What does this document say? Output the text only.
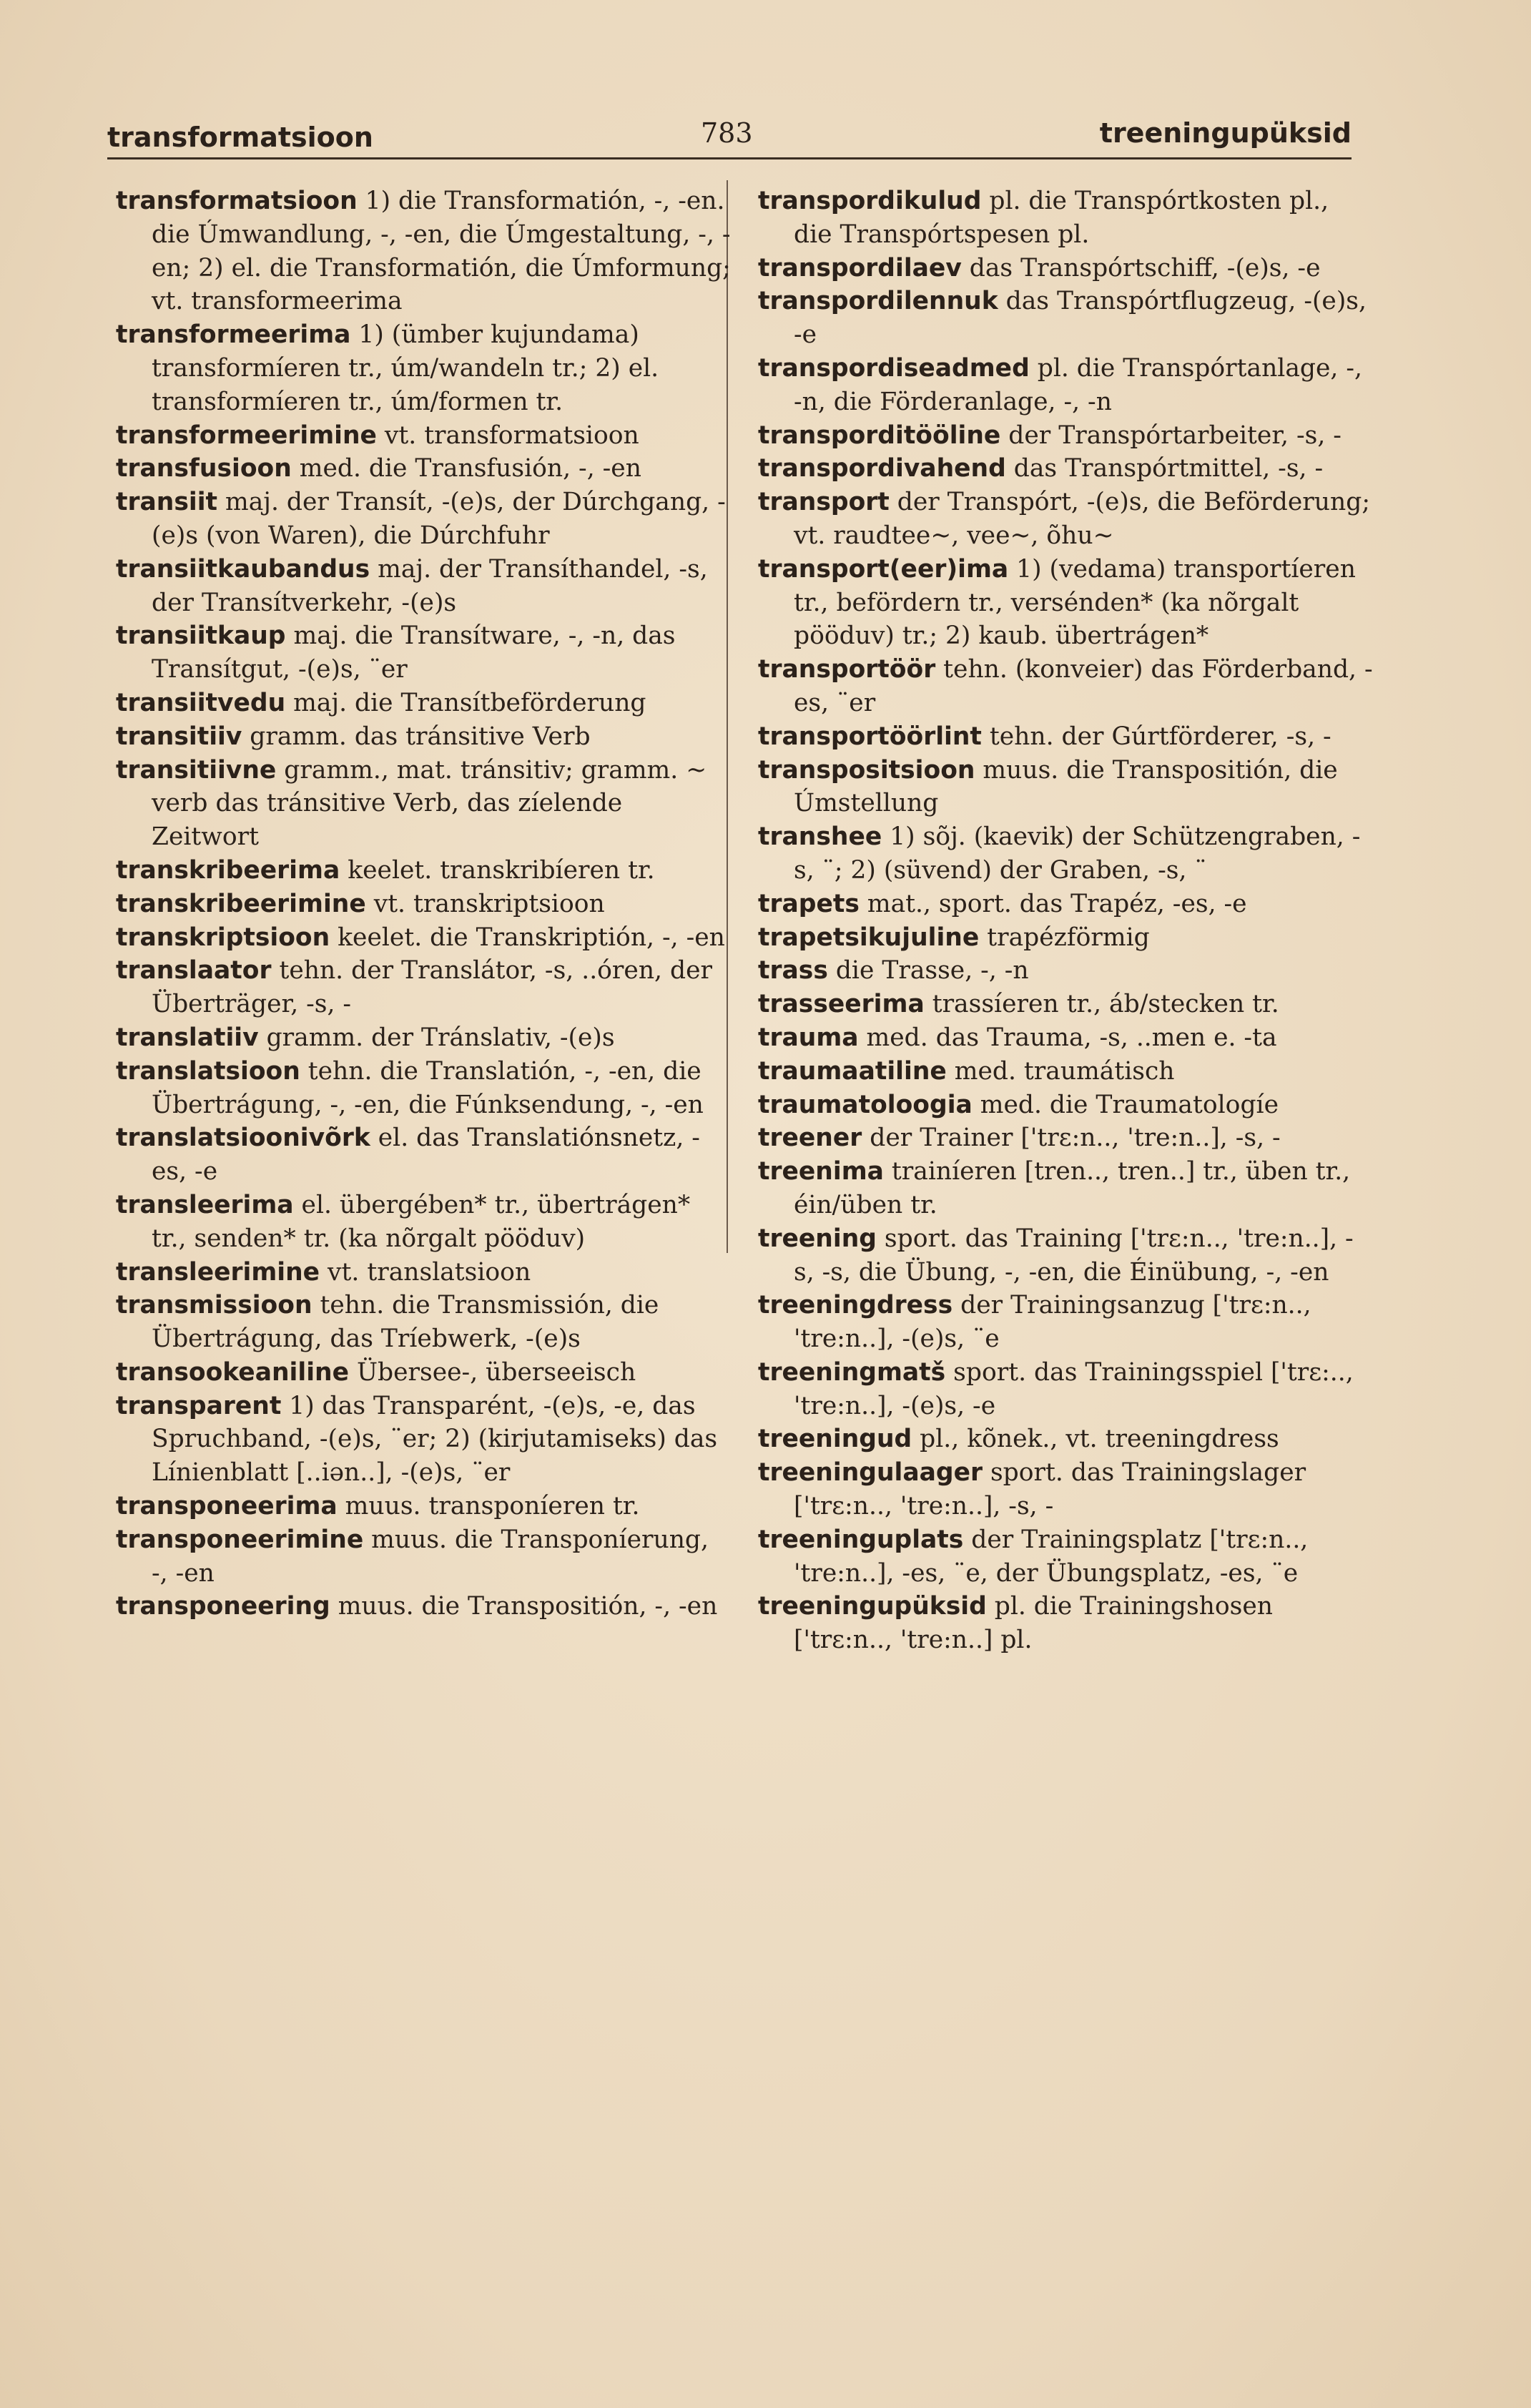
transformatsioon	783	treeningupüksid

transformatsioon 1) die Transformatión, -, -en. die Úmwandlung, -, -en, die Úmgestaltung, -, -en; 2) el. die Transformatión, die Úmformung; vt. transformeerima

transformeerima 1) (ümber kujundama) transformíeren tr., úm/wandeln tr.; 2) el. transformíeren tr., úm/formen tr.

transformeerimine vt. transformatsioon

transfusioon med. die Transfusión, -, -en

transiit maj. der Transít, -(e)s, der Dúrchgang, -(e)s (von Waren), die Dúrchfuhr

transiitkaubandus maj. der Transíthandel, -s, der Transítverkehr, -(e)s

transiitkaup maj. die Transítware, -, -n, das Transítgut, -(e)s, ¨er

transiitvedu maj. die Transítbeförderung

transitiiv gramm. das tránsitive Verb

transitiivne gramm., mat. tránsitiv; gramm. ~ verb das tránsitive Verb, das zíelende Zeitwort

transkribeerima keelet. transkribíeren tr.

transkribeerimine vt. transkriptsioon

transkriptsioon keelet. die Transkriptión, -, -en

translaator tehn. der Translátor, -s, ..óren, der Überträger, -s, -

translatiiv gramm. der Tránslativ, -(e)s

translatsioon tehn. die Translatión, -, -en, die Übertrágung, -, -en, die Fúnksendung, -, -en

translatsioonivõrk el. das Translatiónsnetz, -es, -e

transleerima el. übergében* tr., übertrágen* tr., senden* tr. (ka nõrgalt pööduv)

transleerimine vt. translatsioon

transmissioon tehn. die Transmissión, die Übertrágung, das Tríebwerk, -(e)s

transookeaniline Übersee-, überseeisch

transparent 1) das Transparént, -(e)s, -e, das Spruchband, -(e)s, ¨er; 2) (kirjutamiseks) das Línienblatt [..iən..], -(e)s, ¨er

transponeerima muus. transponíeren tr.

transponeerimine muus. die Transponíerung, -, -en

transponeering muus. die Transpositión, -, -en

transpordikulud pl. die Transpórtkosten pl., die Transpórtspesen pl.

transpordilaev das Transpórtschiff, -(e)s, -e

transpordilennuk das Transpórtflugzeug, -(e)s, -e

transpordiseadmed pl. die Transpórtanlage, -, -n, die Förderanlage, -, -n

transporditööline der Transpórtarbeiter, -s, -

transpordivahend das Transpórtmittel, -s, -

transport der Transpórt, -(e)s, die Beförderung; vt. raudtee~, vee~, õhu~

transport(eer)ima 1) (vedama) transportíeren tr., befördern tr., versénden* (ka nõrgalt pööduv) tr.; 2) kaub. übertrágen*

transportöör tehn. (konveier) das Förderband, -es, ¨er

transportöörlint tehn. der Gúrtförderer, -s, -

transpositsioon muus. die Transpositión, die Úmstellung

transhee 1) sõj. (kaevik) der Schützengraben, -s, ¨; 2) (süvend) der Graben, -s, ¨

trapets mat., sport. das Trapéz, -es, -e

trapetsikujuline trapézförmig

trass die Trasse, -, -n

trasseerima trassíeren tr., áb/stecken tr.

trauma med. das Trauma, -s, ..men e. -ta

traumaatiline med. traumátisch

traumatoloogia med. die Traumatologíe

treener der Trainer ['trɛ:n.., 'tre:n..], -s, -

treenima trainíeren [tren.., tren..] tr., üben tr., éin/üben tr.

treening sport. das Training ['trɛ:n.., 'tre:n..], -s, -s, die Übung, -, -en, die Éinübung, -, -en

treeningdress der Trainingsanzug ['trɛ:n.., 'tre:n..], -(e)s, ¨e

treeningmatš sport. das Trainingsspiel ['trɛ:.., 'tre:n..], -(e)s, -e

treeningud pl., kõnek., vt. treeningdress

treeningulaager sport. das Trainingslager ['trɛ:n.., 'tre:n..], -s, -

treeninguplats der Trainingsplatz ['trɛ:n.., 'tre:n..], -es, ¨e, der Übungsplatz, -es, ¨e

treeningupüksid pl. die Trainingshosen ['trɛ:n.., 'tre:n..] pl.
